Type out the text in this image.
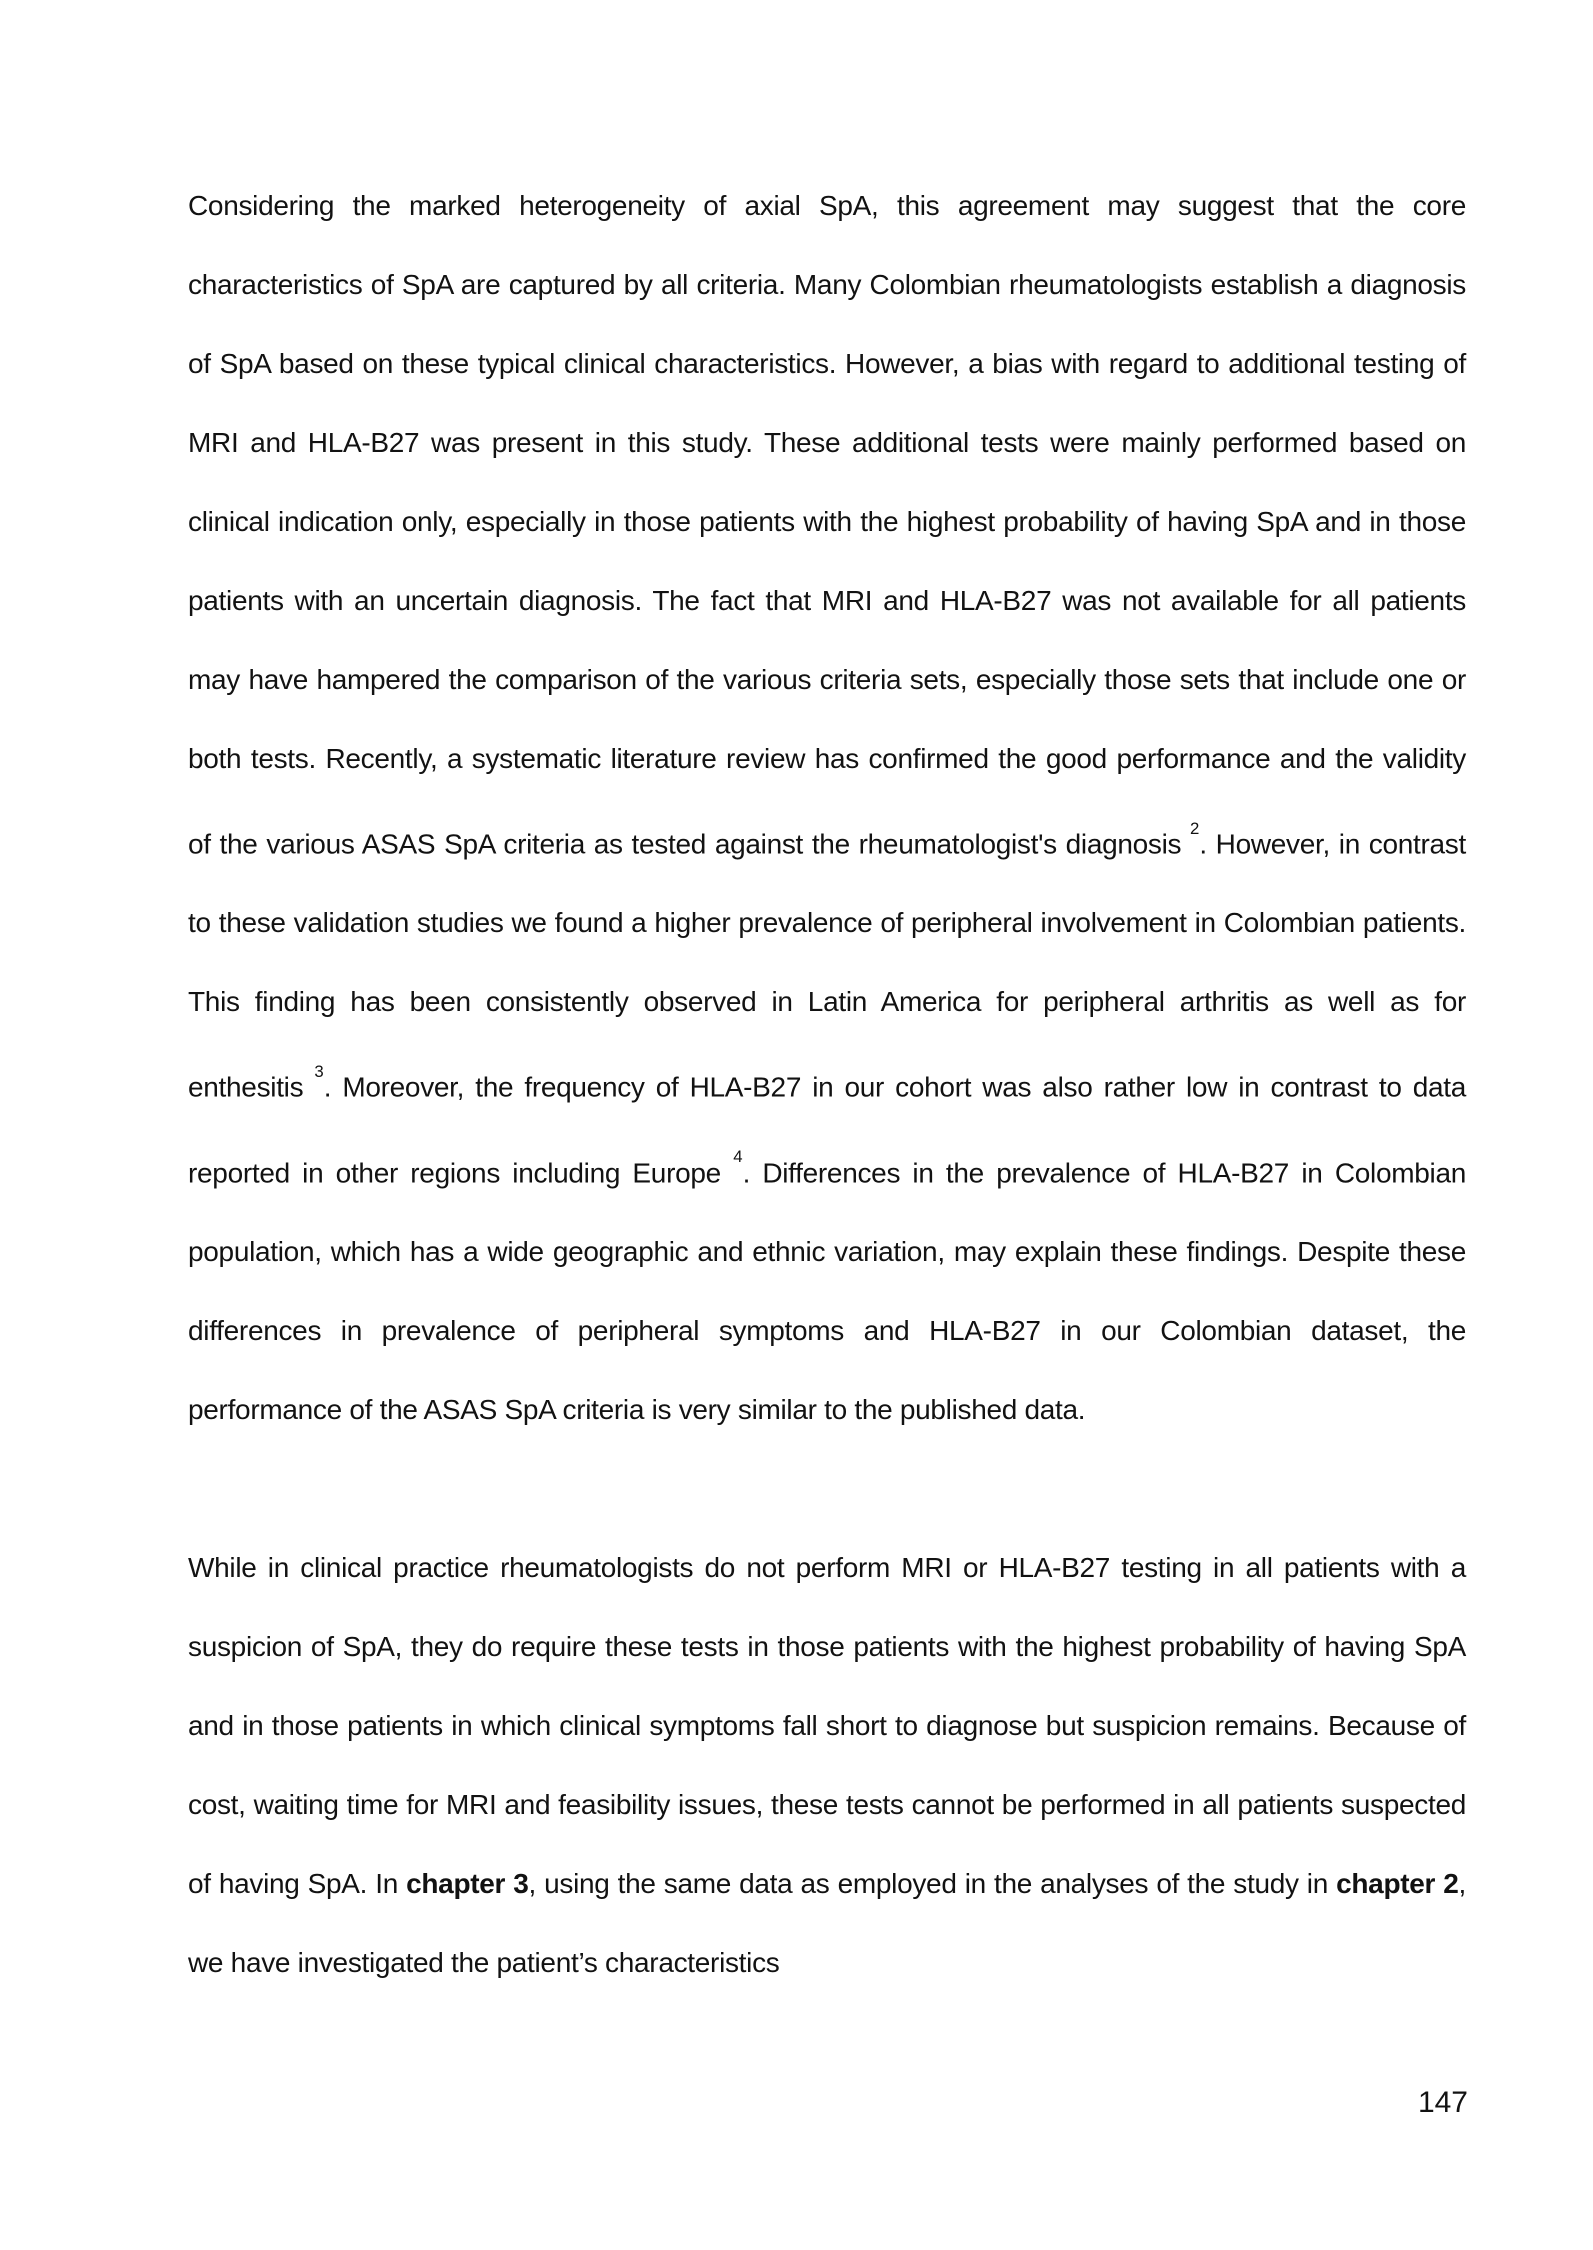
Considering the marked heterogeneity of axial SpA, this agreement may suggest that the core characteristics of SpA are captured by all criteria. Many Colombian rheumatologists establish a diagnosis of SpA based on these typical clinical characteristics. However, a bias with regard to additional testing of MRI and HLA-B27 was present in this study. These additional tests were mainly performed based on clinical indication only, especially in those patients with the highest probability of having SpA and in those patients with an uncertain diagnosis. The fact that MRI and HLA-B27 was not available for all patients may have hampered the comparison of the various criteria sets, especially those sets that include one or both tests. Recently, a systematic literature review has confirmed the good performance and the validity of the various ASAS SpA criteria as tested against the rheumatologist's diagnosis $^2$. However, in contrast to these validation studies we found a higher prevalence of peripheral involvement in Colombian patients. This finding has been consistently observed in Latin America for peripheral arthritis as well as for enthesitis $^3$. Moreover, the frequency of HLA-B27 in our cohort was also rather low in contrast to data reported in other regions including Europe $^4$. Differences in the prevalence of HLA-B27 in Colombian population, which has a wide geographic and ethnic variation, may explain these findings. Despite these differences in prevalence of peripheral symptoms and HLA-B27 in our Colombian dataset, the performance of the ASAS SpA criteria is very similar to the published data.

While in clinical practice rheumatologists do not perform MRI or HLA-B27 testing in all patients with a suspicion of SpA, they do require these tests in those patients with the highest probability of having SpA and in those patients in which clinical symptoms fall short to diagnose but suspicion remains. Because of cost, waiting time for MRI and feasibility issues, these tests cannot be performed in all patients suspected of having SpA. In chapter 3, using the same data as employed in the analyses of the study in chapter 2, we have investigated the patient’s characteristics

147
